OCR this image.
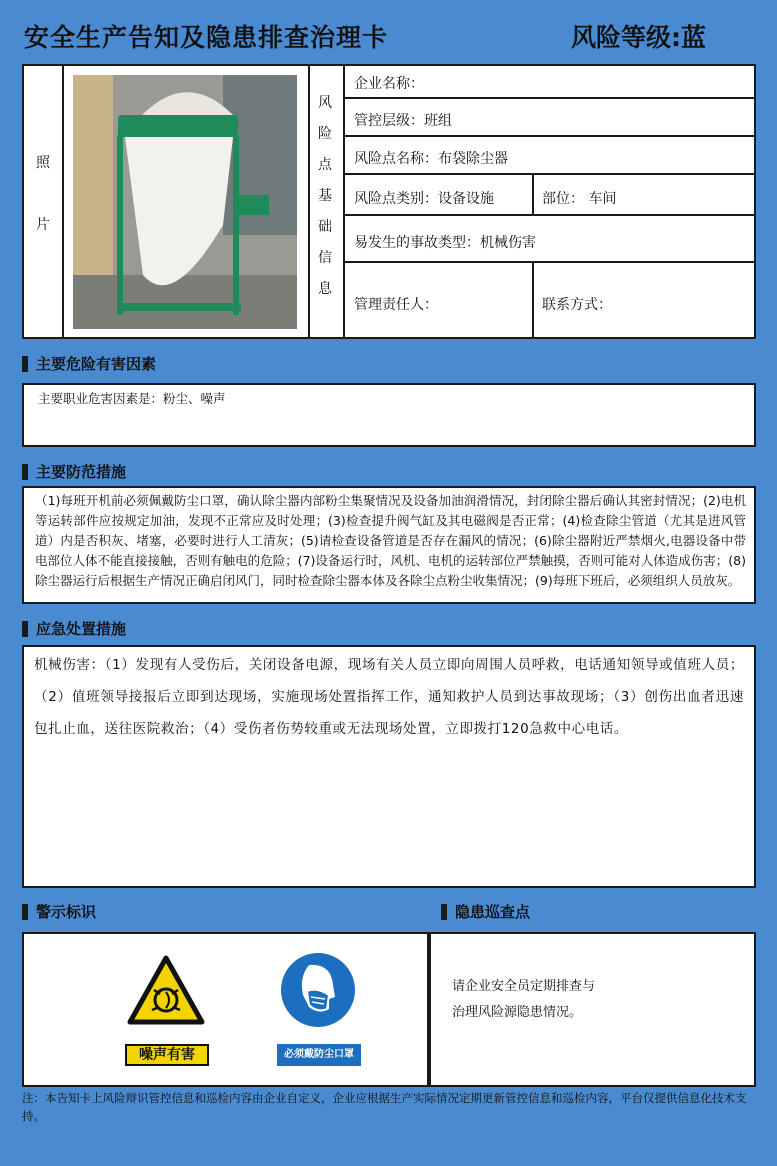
安全生产告知及隐患排查治理卡	风险等级:蓝
照
片
风
险
点
基
础
信
息
企业名称：
管控层级：班组
风险点名称：布袋除尘器
风险点类别：设备设施	部位： 车间
易发生的事故类型：机械伤害
管理责任人：	联系方式：
主要危险有害因素
主要职业危害因素是：粉尘、噪声
主要防范措施
（1)每班开机前必须佩戴防尘口罩，确认除尘器内部粉尘集聚情况及设备加油润滑情况，封闭除尘器后确认其密封情况；(2)电机等运转部件应按规定加油，发现不正常应及时处理；(3)检查提升阀气缸及其电磁阀是否正常；(4)检查除尘管道（尤其是进风管道）内是否积灰、堵塞，必要时进行人工清灰；(5)请检查设备管道是否存在漏风的情况；(6)除尘器附近严禁烟火,电器设备中带电部位人体不能直接接触，否则有触电的危险；(7)设备运行时，风机、电机的运转部位严禁触摸，否则可能对人体造成伤害；(8)除尘器运行后根据生产情况正确启闭风门，同时检查除尘器本体及各除尘点粉尘收集情况；(9)每班下班后，必须组织人员放灰。
应急处置措施
机械伤害：（1）发现有人受伤后，关闭设备电源，现场有关人员立即向周围人员呼救，电话通知领导或值班人员；（2）值班领导接报后立即到达现场，实施现场处置指挥工作，通知救护人员到达事故现场；（3）创伤出血者迅速包扎止血，送往医院救治；（4）受伤者伤势较重或无法现场处置，立即拨打120急救中心电话。
警示标识	隐患巡查点
噪声有害	必须戴防尘口罩
请企业安全员定期排查与
治理风险源隐患情况。
注：本告知卡上风险辩识管控信息和巡检内容由企业自定义，企业应根据生产实际情况定期更新管控信息和巡检内容，平台仅提供信息化技术支持。
